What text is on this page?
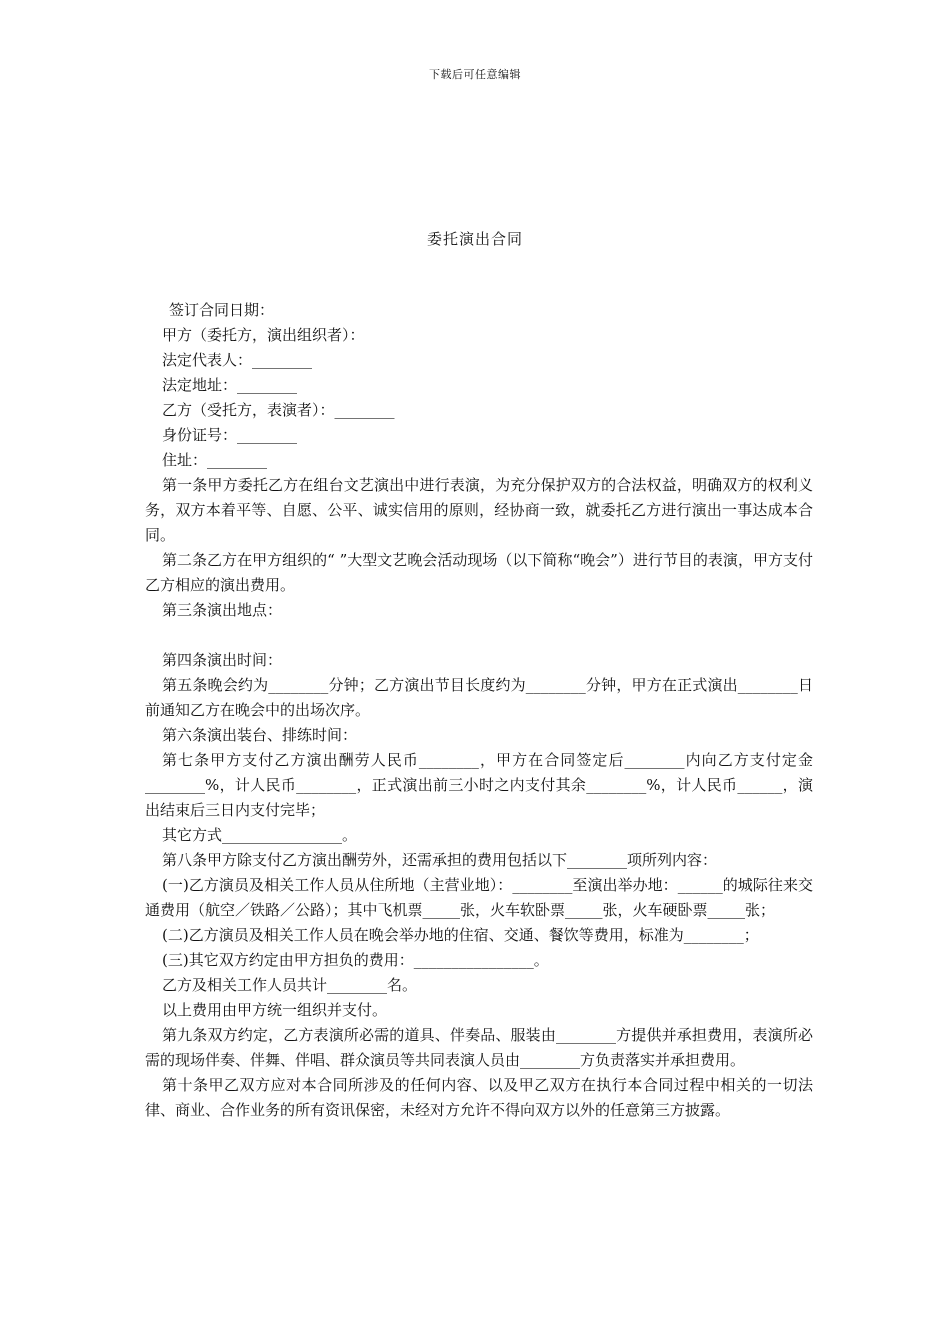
下载后可任意编辑
委托演出合同

签订合同日期：

甲方（委托方，演出组织者）：

法定代表人：________

法定地址：________

乙方（受托方，表演者）：________

身份证号：________

住址：________

第一条甲方委托乙方在组台文艺演出中进行表演，为充分保护双方的合法权益，明确双方的权利义务，双方本着平等、自愿、公平、诚实信用的原则，经协商一致，就委托乙方进行演出一事达成本合同。

第二条乙方在甲方组织的“ ”大型文艺晚会活动现场（以下简称“晚会”）进行节目的表演，甲方支付乙方相应的演出费用。

第三条演出地点：

第四条演出时间：

第五条晚会约为________分钟；乙方演出节目长度约为________分钟，甲方在正式演出________日前通知乙方在晚会中的出场次序。

第六条演出装台、排练时间：

第七条甲方支付乙方演出酬劳人民币________，甲方在合同签定后________内向乙方支付定金________%，计人民币________，正式演出前三小时之内支付其余________%，计人民币______，演出结束后三日内支付完毕；

其它方式________________。

第八条甲方除支付乙方演出酬劳外，还需承担的费用包括以下________项所列内容：

(一)乙方演员及相关工作人员从住所地（主营业地）：________至演出举办地：______的城际往来交通费用（航空／铁路／公路）；其中飞机票_____张，火车软卧票_____张，火车硬卧票_____张；

(二)乙方演员及相关工作人员在晚会举办地的住宿、交通、餐饮等费用，标准为________；

(三)其它双方约定由甲方担负的费用：________________。

乙方及相关工作人员共计________名。

以上费用由甲方统一组织并支付。

第九条双方约定，乙方表演所必需的道具、伴奏品、服装由________方提供并承担费用，表演所必需的现场伴奏、伴舞、伴唱、群众演员等共同表演人员由________方负责落实并承担费用。

第十条甲乙双方应对本合同所涉及的任何内容、以及甲乙双方在执行本合同过程中相关的一切法律、商业、合作业务的所有资讯保密，未经对方允许不得向双方以外的任意第三方披露。
